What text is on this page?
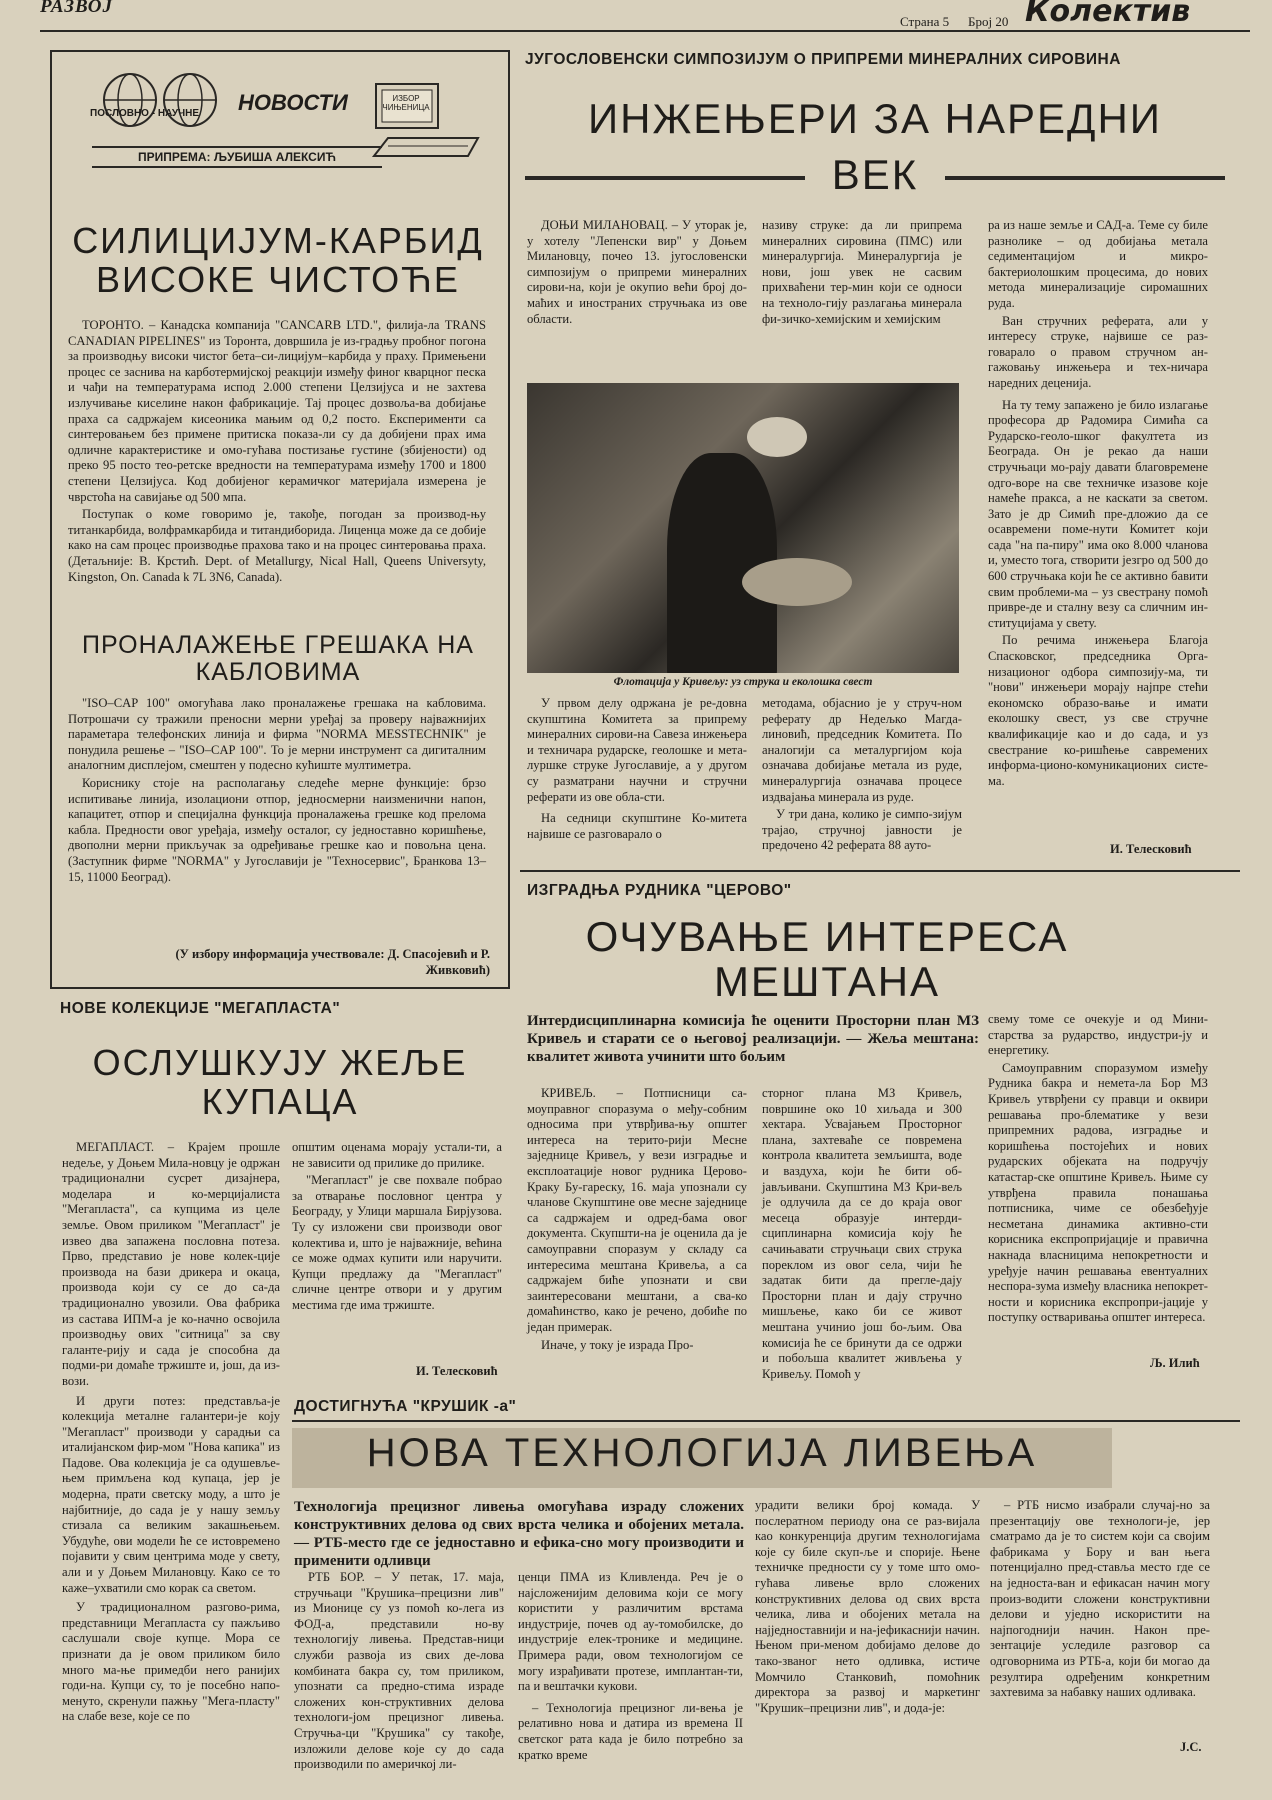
РАЗВОЈ
Страна 5 Број 20 Колектив
ПОСЛОВНО - НАУЧНЕ НОВОСТИ	ИЗБОР ЧИЊЕНИЦА
ПРИПРЕМА: ЉУБИША АЛЕКСИЋ
СИЛИЦИЈУМ-КАРБИД ВИСОКЕ ЧИСТОЋЕ

ТОРОНТО. – Канадска компанија "CANCARB LTD.", филија-ла TRANS CANADIAN PIPELINES" из Торонта, довршила је из-градњу пробног погона за производњу високи чистог бета–си-лицијум–карбида у праху. Примењени процес се заснива на карботермијској реакцији између финог кварцног песка и чађи на температурама испод 2.000 степени Целзијуса и не захтева излучивање киселине након фабрикације. Тај процес дозвоља-ва добијање праха са садржајем кисеоника мањим од 0,2 посто. Експерименти са синтеровањем без примене притиска показа-ли су да добијени прах има одличне карактеристике и омо-гућава постизање густине (збијености) од преко 95 посто тео-ретске вредности на температурама између 1700 и 1800 степени Целзијуса. Код добијеног керамичког материјала измерена је чврстоћа на савијање од 500 мпа.

Поступак о коме говоримо је, такође, погодан за производ-њу титанкарбида, волфрамкарбида и титандиборида. Лиценца може да се добије како на сам процес производње прахова тако и на процес синтеровања праха. (Детаљније: В. Крстић. Dept. of Metallurgy, Nical Hall, Queens Universyty, Kingston, On. Canada k 7L 3N6, Canada).

ПРОНАЛАЖЕЊЕ ГРЕШАКА НА КАБЛОВИМА

"ISO–CAP 100" омогућава лако проналажење грешака на кабловима. Потрошачи су тражили преносни мерни уређај за проверу најважнијих параметара телефонских линија и фирма "NORMA MESSTECHNIK" је понудила решење – "ISO–CAP 100". То је мерни инструмент са дигиталним аналогним дисплејом, смештен у подесно кућиште мултиметра.

Кориснику стоје на располагању следеће мерне функције: брзо испитивање линија, изолациони отпор, једносмерни наизменични напон, капацитет, отпор и специјална функција проналажења грешке код прелома кабла. Предности овог уређаја, између осталог, су једноставно коришћење, двополни мерни прикључак за одређивање грешке као и повољна цена. (Заступник фирме "NORMA" у Југославији је "Техносервис", Бранкова 13–15, 11000 Београд).

(У избору информација учествовале: Д. Спасојевић и Р. Живковић)
ЈУГОСЛОВЕНСКИ СИМПОЗИЈУМ О ПРИПРЕМИ МИНЕРАЛНИХ СИРОВИНА
ИНЖЕЊЕРИ ЗА НАРЕДНИ
ВЕК

ДОЊИ МИЛАНОВАЦ. – У уторак је, у хотелу "Лепенски вир" у Доњем Милановцу, почео 13. југословенски симпозијум о припреми минералних сирови-на, који је окупио већи број до-маћих и иностраних стручњака из ове области.

називу струке: да ли припрема минералних сировина (ПМС) или минералургија. Минералургија је нови, још увек не сасвим прихваћени тер-мин који се односи на техноло-гију разлагања минерала фи-зичко-хемијским и хемијским

ра из наше земље и САД-а. Теме су биле разнолике – од добијања метала седиментацијом и микро-бактериолошким процесима, до нових метода минерализације сиромашних руда.

Ван стручних реферата, али у интересу струке, највише се раз-говарало о правом стручном ан-гажовању инжењера и тех-ничара наредних деценија.

На ту тему запажено је било излагање професора др Радомира Симића са Рударско-геоло-шког факултета из Београда. Он је рекао да наши стручњаци мо-рају давати благовремене одго-воре на све техничке изазове које намеће пракса, а не каскати за светом. Зато је др Симић пре-дложио да се осавремени поме-нути Комитет који сада "на па-пиру" има око 8.000 чланова и, уместо тога, створити језгро од 500 до 600 стручњака који ће се активно бавити свим проблеми-ма – уз свестрану помоћ привре-де и сталну везу са сличним ин-ституцијама у свету.

По речима инжењера Благоја Спасковског, председника Орга-низационог одбора симпозију-ма, ти "нови" инжењери морају најпре стећи економско образо-вање и имати еколошку свест, уз све стручне квалификације као и до сада, и уз свестрание ко-ришћење савремених информа-ционо-комуникационих систе-ма.

Флотација у Кривељу: уз струка и еколошка свест

У првом делу одржана је ре-довна скупштина Комитета за припрему минералних сирови-на Савеза инжењера и техничара рударске, геолошке и мета-луршке струке Југославије, а у другом су разматрани научни и стручни реферати из ове обла-сти.

На седници скупштине Ко-митета највише се разговарало о

методама, објаснио је у струч-ном реферату др Недељко Магда-линовић, председник Комитета. По аналогији са металургијом која означава добијање метала из руде, минералургија означава процесе издвајања минерала из руде.

У три дана, колико је симпо-зијум трајао, стручној јавности је предочено 42 реферата 88 ауто-	И. Телесковић
ИЗГРАДЊА РУДНИКА "ЦЕРОВО"
ОЧУВАЊЕ ИНТЕРЕСА МЕШТАНА
Интердисциплинарна комисија ће оценити Просторни план МЗ Кривељ и старати се о његовој реализацији. — Жеља мештана: квалитет живота учинити што бољим

КРИВЕЉ. – Потписници са-моуправног споразума о међу-собним односима при утврђива-њу општег интереса на терито-рији Месне заједнице Кривељ, у вези изградње и експлоатације новог рудника Церово-Крaку Бу-гареску, 16. маја упознали су чланове Скупштине ове месне заједнице са садржајем и одред-бама овог документа. Скупшти-на је оценила да је самоуправни споразум у складу са интересима мештана Кривеља, а са садржајем биће упознати и сви заинтересовани мештани, а сва-ко домаћинство, како је речено, добиће по један примерак.

Иначе, у току је израда Про-

сторног плана МЗ Кривељ, површине око 10 хиљада и 300 хектара. Усвајањем Просторног плана, захтеваће се повремена контрола квалитета земљишта, воде и ваздуха, који ће бити об-јављивани. Скупштина МЗ Кри-вељ је одлучила да се до краја овог месеца образује интерди-сциплинарна комисија коју ће сачињавати стручњаци свих струка пореклом из овог села, чији ће задатак бити да прегле-дају Просторни план и дају стручно мишљење, како би се живот мештана учинио још бо-љим. Ова комисија ће се бринути да се одржи и побољша квалитет живљења у Кривељу. Помоћ у

свему томе се очекује и од Мини-старства за рударство, индустри-ју и енергетику.

Самоуправним споразумом између Рудника бакра и немета-ла Бор МЗ Кривељ утврђени су правци и оквири решавања про-блематике у вези припремних радова, изградње и коришћења постојећих и нових рударских објеката на подручју катастар-ске општине Кривељ. Њиме су утврђена правила понашања потписника, чиме се обезбеђује несметана динамика активно-сти корисника експропријације и правична накнада власницима непокретности и уређује начин решавања евентуалних неспора-зума између власника непокрет-ности и корисника експропри-јације у поступку остваривања општег интереса.

Љ. Илић
НОВЕ КОЛЕКЦИЈЕ "МЕГАПЛАСТА"
ОСЛУШКУЈУ ЖЕЉЕ КУПАЦА

МЕГАПЛАСТ. – Крајем прошле недеље, у Доњем Мила-новцу је одржан традиционални сусрет дизајнера, моделара и ко-мерцијалиста "Мегапласта", са купцима из целе земље. Овом приликом "Мегапласт" је извео два запажена пословна потеза. Прво, представио је нове колек-ције производа на бази дрикера и окаца, производа који су се до са-да традиционално увозили. Ова фабрика из састава ИПМ-а је ко-начно освојила производњу ових "ситница" за сву галанте-рију и сада је способна да подми-ри домаће тржиште и, још, да из-вози.

И други потез: представља-је колекција металне галантери-је коју "Мегапласт" производи у сарадњи са италијанском фир-мом "Нова капика" из Падове. Ова колекција је са одушевље-њем примљена код купаца, јер је модерна, прати светску моду, а што је најбитније, до сада је у нашу земљу стизала са великим закашњењем. Убудуће, ови модели ће се истовремено појавити у свим центрима моде у свету, али и у Доњем Милановцу. Како се то каже–ухватили смо корак са светом.

У традиционалном разгово-рима, представници Мегапласта су пажљиво саслушали своје купце. Мора се признати да је овом приликом било много ма-ње примедби него ранијих годи-на. Купци су, то је посебно напо-менуто, скренули пажњу "Мега-пласту" на слабе везе, које се по

општим оценама морају устали-ти, а не зависити од прилике до прилике.

"Мегапласт" је све похвале побрао за отварање пословног центра у Београду, у Улици маршала Бирјузова. Ту су изложени сви производи овог колектива и, што је најважније, већина се може одмах купити или наручити. Купци предлажу да "Мегапласт" сличне центре отвори и у другим местима где има тржиште.

И. Телесковић
ДОСТИГНУЋА "КРУШИК -а"
НОВА ТЕХНОЛОГИЈА ЛИВЕЊА
Технологија прецизног ливења омогућава израду сложених конструктивних делова од свих врста челика и обојених метала. — РТБ-место где се једноставно и ефика-сно могу производити и применити одливци

РТБ БОР. – У петак, 17. маја, стручњаци "Крушика–прецизни лив" из Мионице су уз помоћ ко-лега из ФОД-а, представили но-ву технологију ливења. Представ-ници служби развоја из свих де-лова комбината бакра су, том приликом, упознати са предно-стима израде сложених кон-структивних делова технологи-јом прецизног ливења. Стручња-ци "Крушика" су такође, изложили делове које су до сада производили по америчкој ли-

ценци ПМА из Кливленда. Реч је о најсложенијим деловима који се могу користити у различитим врстама индустрије, почев од ау-томобилске, до индустрије елек-тронике и медицине. Примера ради, овом технологијом се могу израђивати протезе, имплантан-ти, па и вештачки кукови.

– Технологија прецизног ли-вења је релативно нова и датира из времена II светског рата када је било потребно за кратко време

урадити велики број комада. У послератном периоду она се раз-вијала као конкуренција другим технологијама које су биле скуп-ље и спорије. Њене техничке предности су у томе што омо-гућава ливење врло сложених конструктивних делова од свих врста челика, лива и обојених метала на најједноставнији и на-јефикаснији начин. Њеном при-меном добијамо делове до тако-званог нето одливка, истиче Момчило Станковић, помоћник директора за развој и маркетинг "Крушик–прецизни лив", и додa-је:

– РТБ нисмо изабрали случај-но за презентацију ове технологи-је, јер сматрамо да је то систем који са својим фабрикама у Бору и ван њега потенцијално пред-ставља место где се на једноста-ван и ефикасан начин могу произ-водити сложени конструктивни делови и уједно искористити на најпогоднији начин. Након пре-зентације уследиле разговор са одговорнима из РТБ-а, који би могао да резултира одређеним конкретним захтевима за набавку наших одливака.

Ј.С.
